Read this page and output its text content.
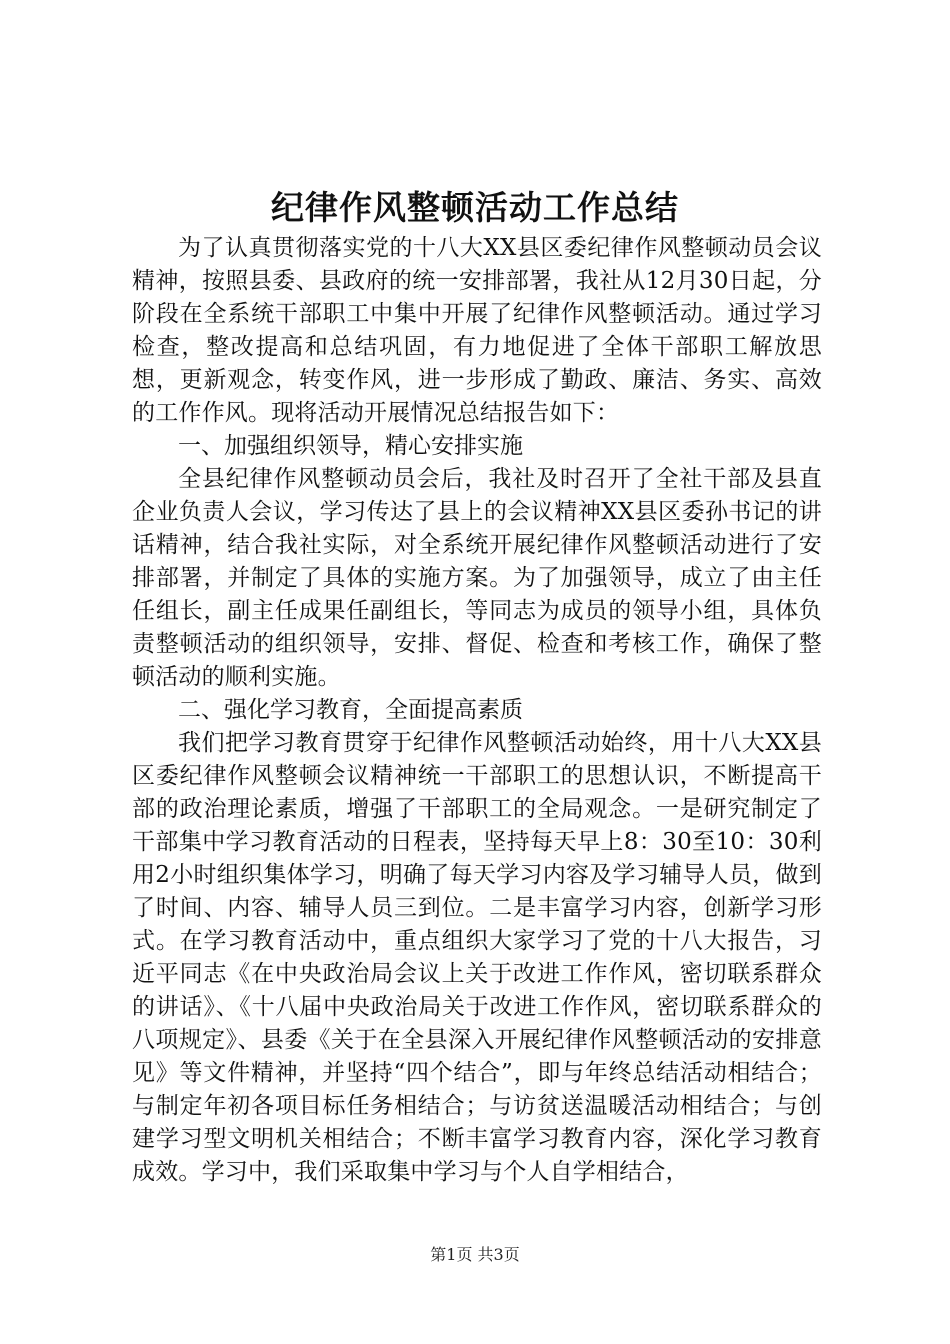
纪律作风整顿活动工作总结

为了认真贯彻落实党的十八大XX县区委纪律作风整顿动员会议精神，按照县委、县政府的统一安排部署，我社从12月30日起，分阶段在全系统干部职工中集中开展了纪律作风整顿活动。通过学习检查，整改提高和总结巩固，有力地促进了全体干部职工解放思想，更新观念，转变作风，进一步形成了勤政、廉洁、务实、高效的工作作风。现将活动开展情况总结报告如下：

一、加强组织领导，精心安排实施

全县纪律作风整顿动员会后，我社及时召开了全社干部及县直企业负责人会议，学习传达了县上的会议精神XX县区委孙书记的讲话精神，结合我社实际，对全系统开展纪律作风整顿活动进行了安排部署，并制定了具体的实施方案。为了加强领导，成立了由主任任组长，副主任成果任副组长，等同志为成员的领导小组，具体负责整顿活动的组织领导，安排、督促、检查和考核工作，确保了整顿活动的顺利实施。

二、强化学习教育，全面提高素质

我们把学习教育贯穿于纪律作风整顿活动始终，用十八大XX县区委纪律作风整顿会议精神统一干部职工的思想认识，不断提高干部的政治理论素质，增强了干部职工的全局观念。一是研究制定了干部集中学习教育活动的日程表，坚持每天早上8：30至10：30利用2小时组织集体学习，明确了每天学习内容及学习辅导人员，做到了时间、内容、辅导人员三到位。二是丰富学习内容，创新学习形式。在学习教育活动中，重点组织大家学习了党的十八大报告，习近平同志《在中央政治局会议上关于改进工作作风，密切联系群众的讲话》、《十八届中央政治局关于改进工作作风，密切联系群众的八项规定》、县委《关于在全县深入开展纪律作风整顿活动的安排意见》等文件精神，并坚持“四个结合”，即与年终总结活动相结合；与制定年初各项目标任务相结合；与访贫送温暖活动相结合；与创建学习型文明机关相结合；不断丰富学习教育内容，深化学习教育成效。学习中，我们采取集中学习与个人自学相结合，

第1页 共3页
